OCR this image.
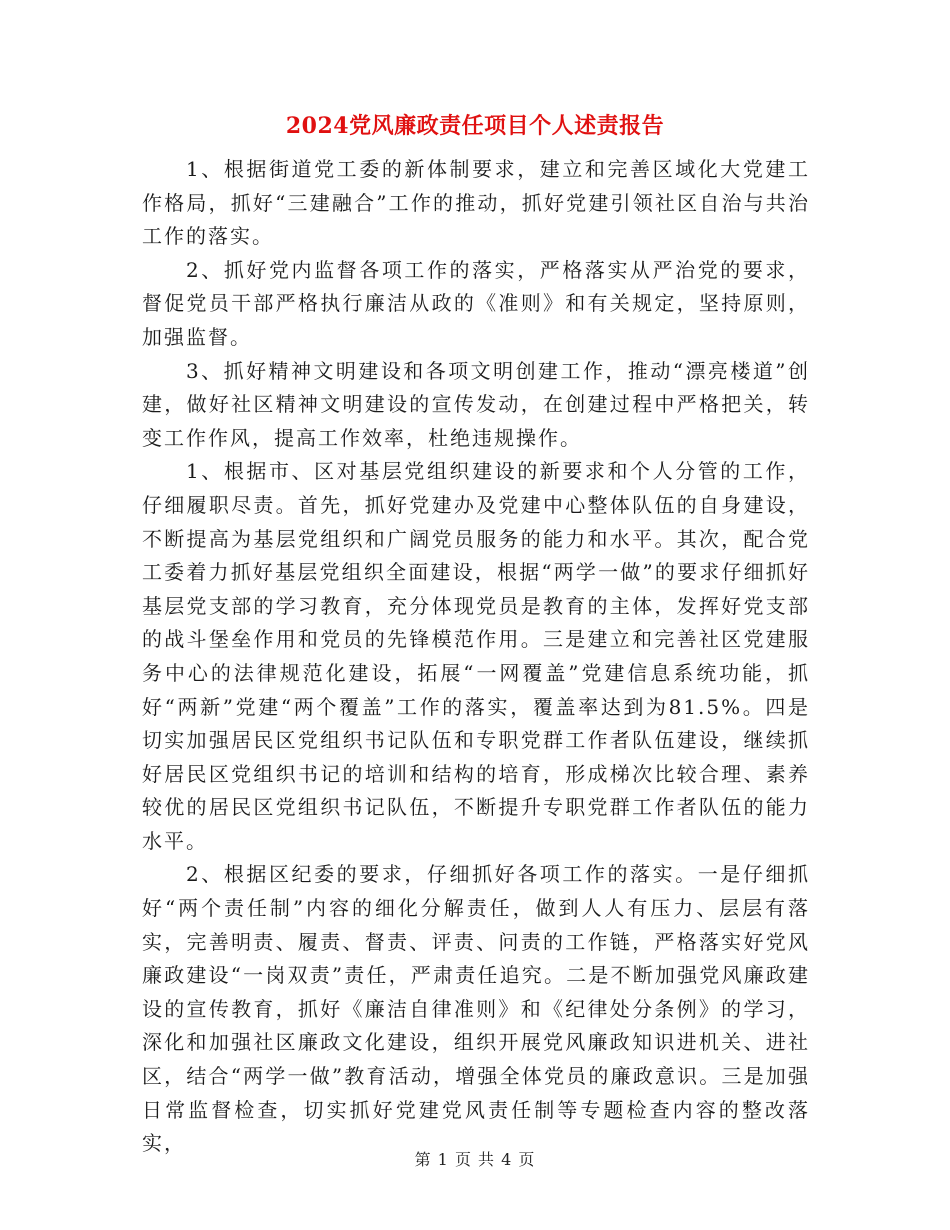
2024党风廉政责任项目个人述责报告

1、根据街道党工委的新体制要求，建立和完善区域化大党建工作格局，抓好“三建融合”工作的推动，抓好党建引领社区自治与共治工作的落实。

2、抓好党内监督各项工作的落实，严格落实从严治党的要求，督促党员干部严格执行廉洁从政的《准则》和有关规定，坚持原则，加强监督。

3、抓好精神文明建设和各项文明创建工作，推动“漂亮楼道”创建，做好社区精神文明建设的宣传发动，在创建过程中严格把关，转变工作作风，提高工作效率，杜绝违规操作。

1、根据市、区对基层党组织建设的新要求和个人分管的工作，仔细履职尽责。首先，抓好党建办及党建中心整体队伍的自身建设，不断提高为基层党组织和广阔党员服务的能力和水平。其次，配合党工委着力抓好基层党组织全面建设，根据“两学一做”的要求仔细抓好基层党支部的学习教育，充分体现党员是教育的主体，发挥好党支部的战斗堡垒作用和党员的先锋模范作用。三是建立和完善社区党建服务中心的法律规范化建设，拓展“一网覆盖”党建信息系统功能，抓好“两新”党建“两个覆盖”工作的落实，覆盖率达到为81.5%。四是切实加强居民区党组织书记队伍和专职党群工作者队伍建设，继续抓好居民区党组织书记的培训和结构的培育，形成梯次比较合理、素养较优的居民区党组织书记队伍，不断提升专职党群工作者队伍的能力水平。

2、根据区纪委的要求，仔细抓好各项工作的落实。一是仔细抓好“两个责任制”内容的细化分解责任，做到人人有压力、层层有落实，完善明责、履责、督责、评责、问责的工作链，严格落实好党风廉政建设“一岗双责”责任，严肃责任追究。二是不断加强党风廉政建设的宣传教育，抓好《廉洁自律准则》和《纪律处分条例》的学习，深化和加强社区廉政文化建设，组织开展党风廉政知识进机关、进社区，结合“两学一做”教育活动，增强全体党员的廉政意识。三是加强日常监督检查，切实抓好党建党风责任制等专题检查内容的整改落实，

第 1 页 共 4 页
